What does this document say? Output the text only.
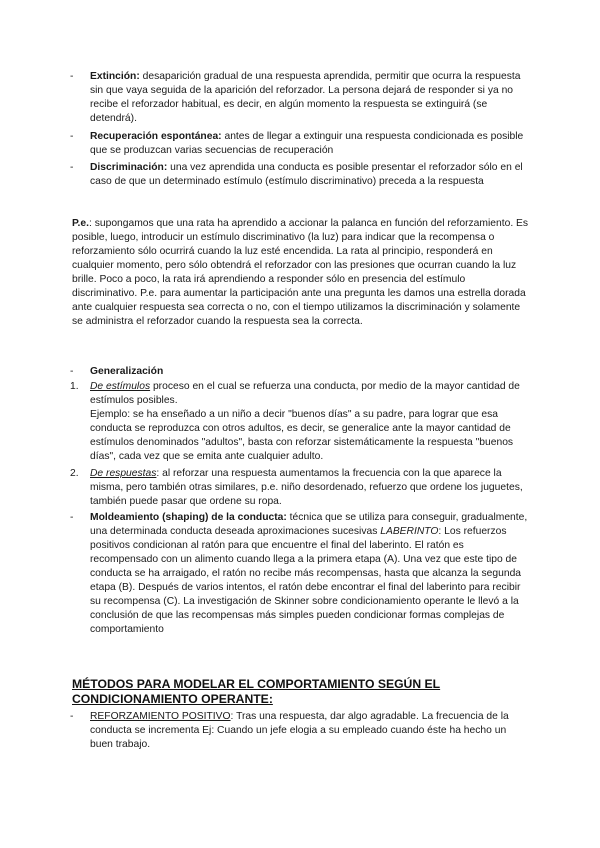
-	Extinción: desaparición gradual de una respuesta aprendida, permitir que ocurra la respuesta sin que vaya seguida de la aparición del reforzador. La persona dejará de responder si ya no recibe el reforzador habitual, es decir, en algún momento la respuesta se extinguirá (se detendrá).
-	Recuperación espontánea: antes de llegar a extinguir una respuesta condicionada es posible que se produzcan varias secuencias de recuperación
-	Discriminación: una vez aprendida una conducta es posible presentar el reforzador sólo en el caso de que un determinado estímulo (estímulo discriminativo) preceda a la respuesta
P.e.: supongamos que una rata ha aprendido a accionar la palanca en función del reforzamiento. Es posible, luego, introducir un estímulo discriminativo (la luz) para indicar que la recompensa o reforzamiento sólo ocurrirá cuando la luz esté encendida. La rata al principio, responderá en cualquier momento, pero sólo obtendrá el reforzador con las presiones que ocurran cuando la luz brille. Poco a poco, la rata irá aprendiendo a responder sólo en presencia del estímulo discriminativo. P.e. para aumentar la participación ante una pregunta les damos una estrella dorada ante cualquier respuesta sea correcta o no, con el tiempo utilizamos la discriminación y solamente se administra el reforzador cuando la respuesta sea la correcta.
-	Generalización
1.	De estímulos proceso en el cual se refuerza una conducta, por medio de la mayor cantidad de estímulos posibles.
Ejemplo: se ha enseñado a un niño a decir "buenos días" a su padre, para lograr que esa conducta se reproduzca con otros adultos, es decir, se generalice ante la mayor cantidad de estímulos denominados "adultos", basta con reforzar sistemáticamente la respuesta "buenos días", cada vez que se emita ante cualquier adulto.
2.	De respuestas: al reforzar una respuesta aumentamos la frecuencia con la que aparece la misma, pero también otras similares, p.e. niño desordenado, refuerzo que ordene los juguetes, también puede pasar que ordene su ropa.
-	Moldeamiento (shaping) de la conducta: técnica que se utiliza para conseguir, gradualmente, una determinada conducta deseada aproximaciones sucesivas LABERINTO: Los refuerzos positivos condicionan al ratón para que encuentre el final del laberinto. El ratón es recompensado con un alimento cuando llega a la primera etapa (A). Una vez que este tipo de conducta se ha arraigado, el ratón no recibe más recompensas, hasta que alcanza la segunda etapa (B). Después de varios intentos, el ratón debe encontrar el final del laberinto para recibir su recompensa (C). La investigación de Skinner sobre condicionamiento operante le llevó a la conclusión de que las recompensas más simples pueden condicionar formas complejas de comportamiento
MÉTODOS PARA MODELAR EL COMPORTAMIENTO SEGÚN EL CONDICIONAMIENTO OPERANTE:
-	REFORZAMIENTO POSITIVO: Tras una respuesta, dar algo agradable. La frecuencia de la conducta se incrementa Ej: Cuando un jefe elogia a su empleado cuando éste ha hecho un buen trabajo.
